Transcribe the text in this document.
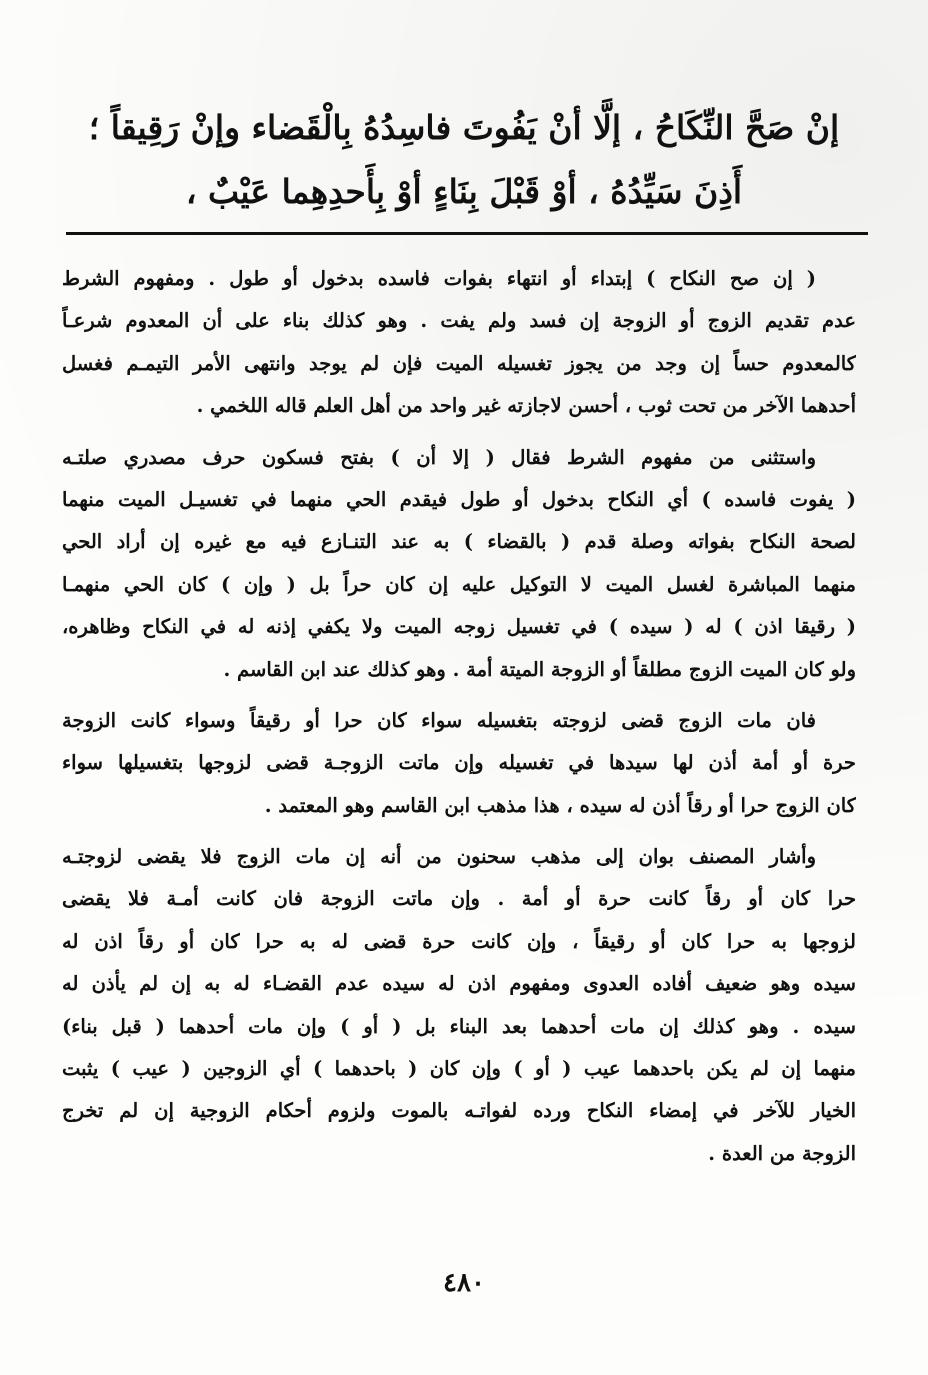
إنْ صَحَّ النِّكَاحُ ، إلَّا أنْ يَفُوتَ فاسِدُهُ بِالْقَضاء وإنْ رَقِيقاً ؛
أَذِنَ سَيِّدُهُ ، أوْ قَبْلَ بِنَاءٍ أوْ بِأَحدِهِما عَيْبٌ ،
( إن صح النكاح ) إبتداء أو انتهاء بفوات فاسده بدخول أو طول . ومفهوم الشرط
عدم تقديم الزوج أو الزوجة إن فسد ولم يفت . وهو كذلك بناء على أن المعدوم شرعـاً
كالمعدوم حساً إن وجد من يجوز تغسيله الميت فإن لم يوجد وانتهى الأمر التيمـم فغسل
أحدهما الآخر من تحت ثوب ، أحسن لاجازته غير واحد من أهل العلم قاله اللخمي .
واستثنى من مفهوم الشرط فقال ( إلا أن ) بفتح فسكون حرف مصدري صلتـه
( يفوت فاسده ) أي النكاح بدخول أو طول فيقدم الحي منهما في تغسيـل الميت منهما
لصحة النكاح بفواته وصلة قدم ( بالقضاء ) به عند التنـازع فيه مع غيره إن أراد الحي
منهما المباشرة لغسل الميت لا التوكيل عليه إن كان حراً بل ( وإن ) كان الحي منهمـا
( رقيقا اذن ) له ( سيده ) في تغسيل زوجه الميت ولا يكفي إذنه له في النكاح وظاهره،
ولو كان الميت الزوج مطلقاً أو الزوجة الميتة أمة . وهو كذلك عند ابن القاسم .
فان مات الزوج قضى لزوجته بتغسيله سواء كان حرا أو رقيقاً وسواء كانت الزوجة
حرة أو أمة أذن لها سيدها في تغسيله وإن ماتت الزوجـة قضى لزوجها بتغسيلها سواء
كان الزوج حرا أو رقاً أذن له سيده ، هذا مذهب ابن القاسم وهو المعتمد .
وأشار المصنف بوان إلى مذهب سحنون من أنه إن مات الزوج فلا يقضى لزوجتـه
حرا كان أو رقاً كانت حرة أو أمة . وإن ماتت الزوجة فان كانت أمـة فلا يقضى
لزوجها به حرا كان أو رقيقاً ، وإن كانت حرة قضى له به حرا كان أو رقاً اذن له
سيده وهو ضعيف أفاده العدوى ومفهوم اذن له سيده عدم القضـاء له به إن لم يأذن له
سيده . وهو كذلك إن مات أحدهما بعد البناء بل ( أو ) وإن مات أحدهما ( قبل بناء)
منهما إن لم يكن باحدهما عيب ( أو ) وإن كان ( باحدهما ) أي الزوجين ( عيب ) يثبت
الخيار للآخر في إمضاء النكاح ورده لفواتـه بالموت ولزوم أحكام الزوجية إن لم تخرج
الزوجة من العدة .
٤٨٠
